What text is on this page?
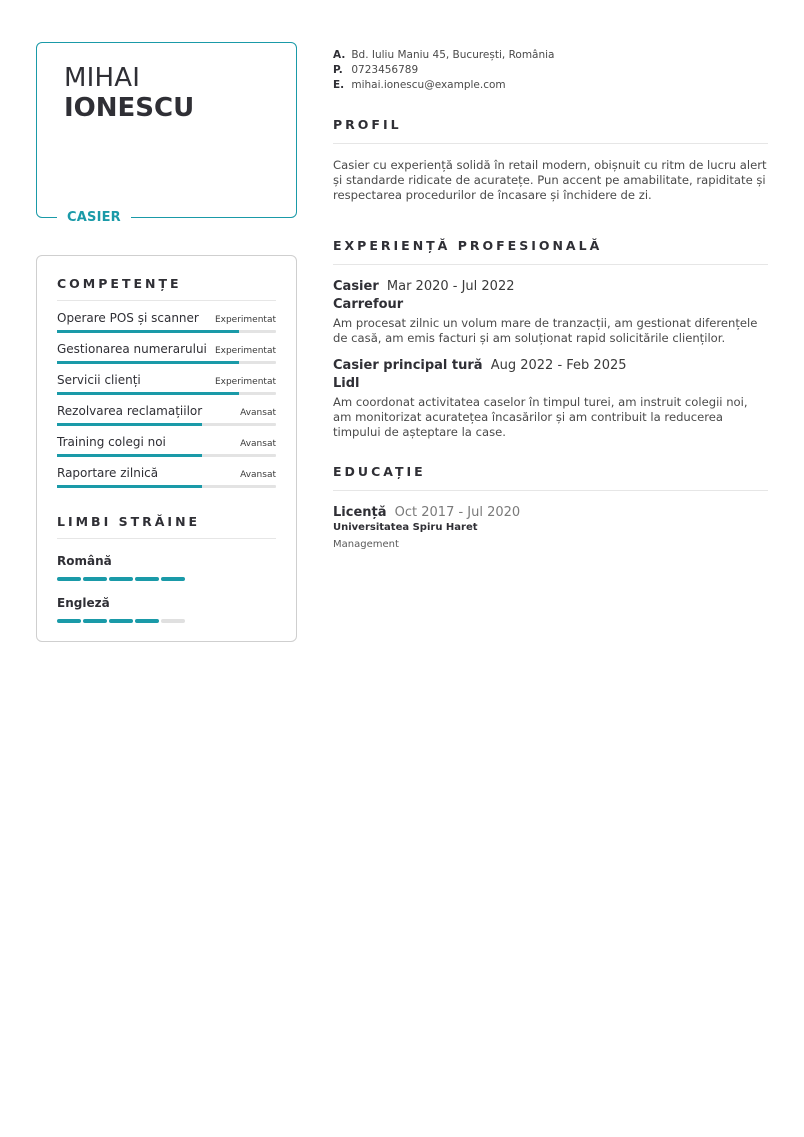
MIHAI
IONESCU
CASIER
COMPETENȚE
Operare POS și scanner Experimentat
Gestionarea numerarului Experimentat
Servicii clienți	Experimentat
Rezolvarea reclamațiilor	Avansat
Training colegi noi	Avansat
Raportare zilnică	Avansat
LIMBI STRĂINE
Română
Engleză
A. Bd. Iuliu Maniu 45, București, România
P. 0723456789
E. mihai.ionescu@example.com
PROFIL

Casier cu experiență solidă în retail modern, obișnuit cu ritm de lucru alert și standarde ridicate de acuratețe. Pun accent pe amabilitate, rapiditate și respectarea procedurilor de încasare și închidere de zi.

EXPERIENȚĂ PROFESIONALĂ
Casier Mar 2020 - Jul 2022
Carrefour

Am procesat zilnic un volum mare de tranzacții, am gestionat diferențele de casă, am emis facturi și am soluționat rapid solicitările clienților.

Casier principal tură Aug 2022 - Feb 2025
Lidl

Am coordonat activitatea caselor în timpul turei, am instruit colegii noi, am monitorizat acuratețea încasărilor și am contribuit la reducerea timpului de așteptare la case.

EDUCAȚIE
Licență Oct 2017 - Jul 2020
Universitatea Spiru Haret
Management
